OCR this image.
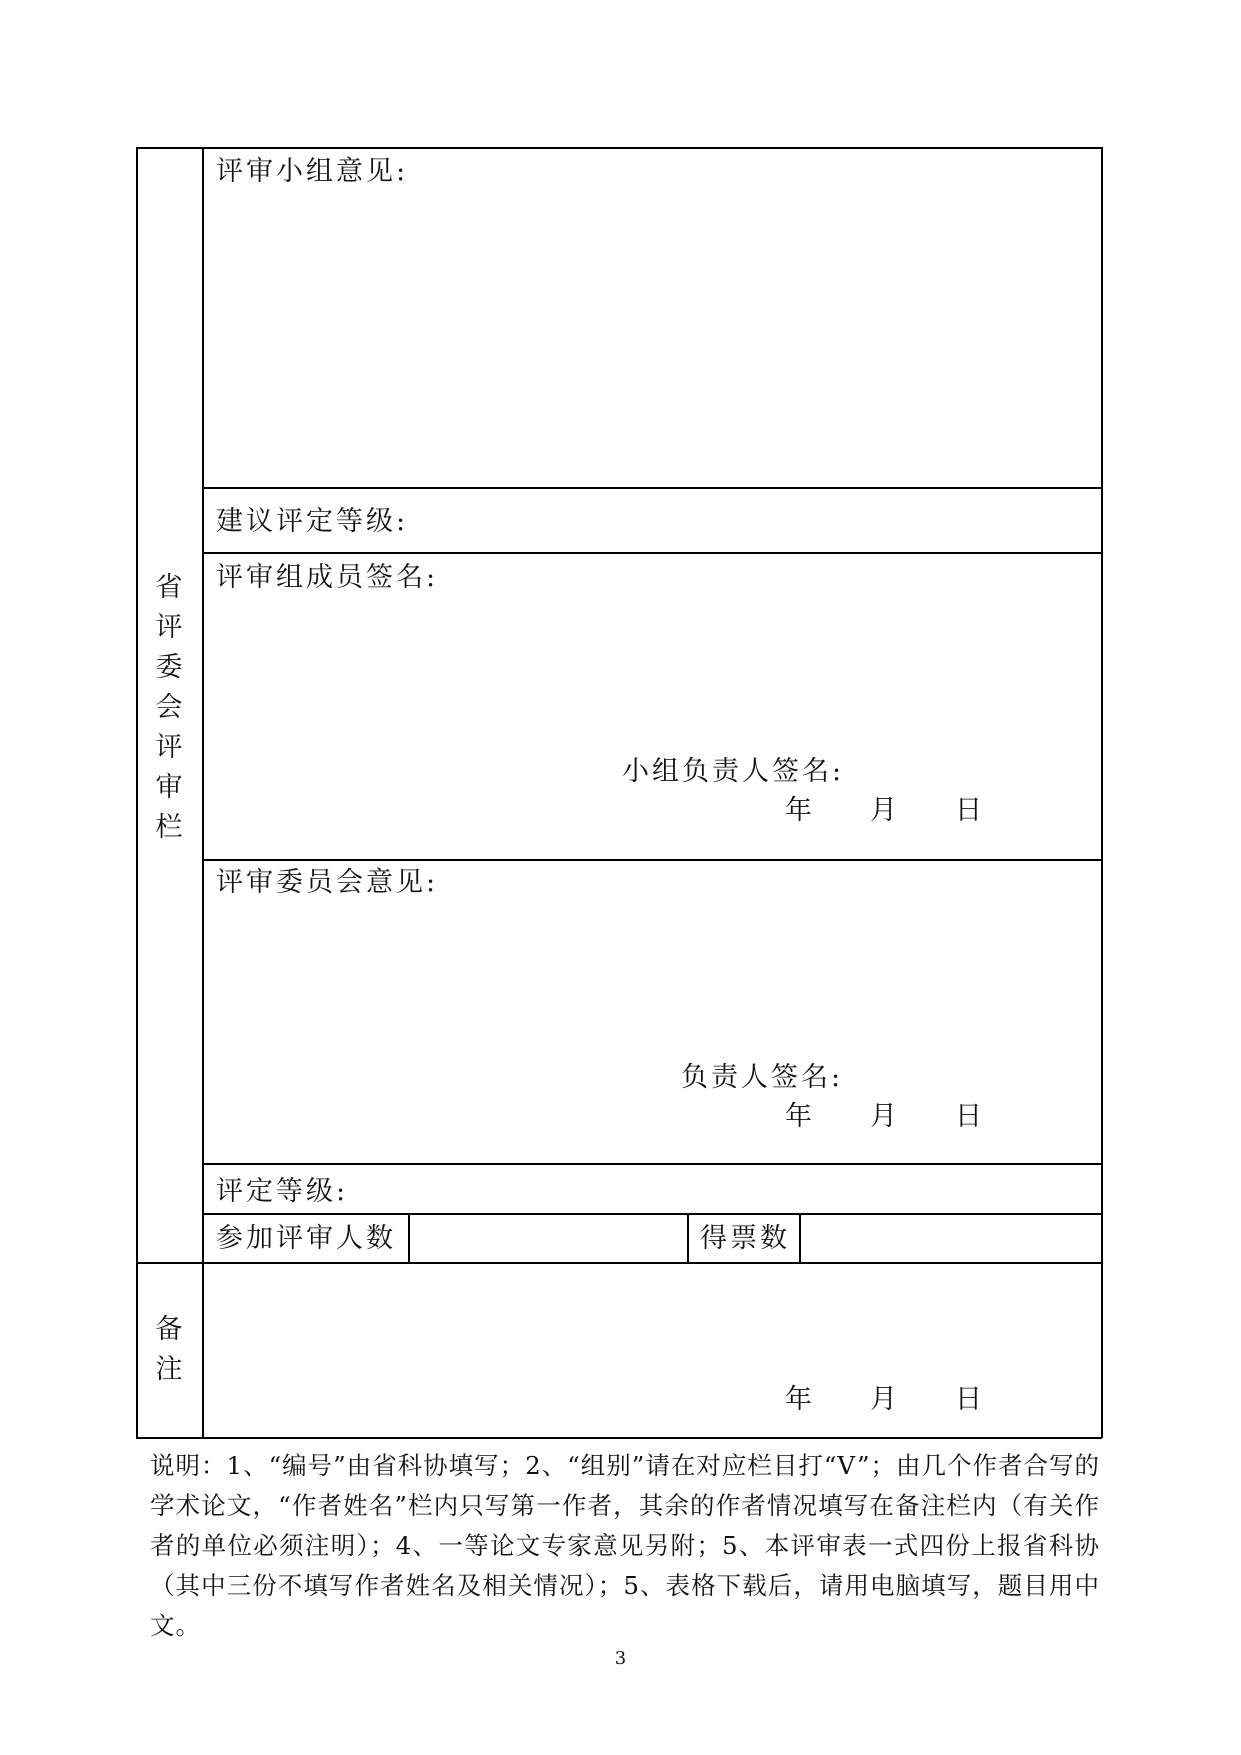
省
评
委
会
评
审
栏
备
注
评审小组意见:
建议评定等级:
评审组成员签名:
小组负责人签名:
年 月 日
评审委员会意见:
负责人签名:
年 月 日
评定等级:
参加评审人数	得票数
年 月 日
说明：1、“编号”由省科协填写；2、“组别”请在对应栏目打“V”；由几个作者合写的学术论文，“作者姓名”栏内只写第一作者，其余的作者情况填写在备注栏内（有关作者的单位必须注明）；4、一等论文专家意见另附；5、本评审表一式四份上报省科协（其中三份不填写作者姓名及相关情况）；5、表格下载后，请用电脑填写，题目用中文。
3
